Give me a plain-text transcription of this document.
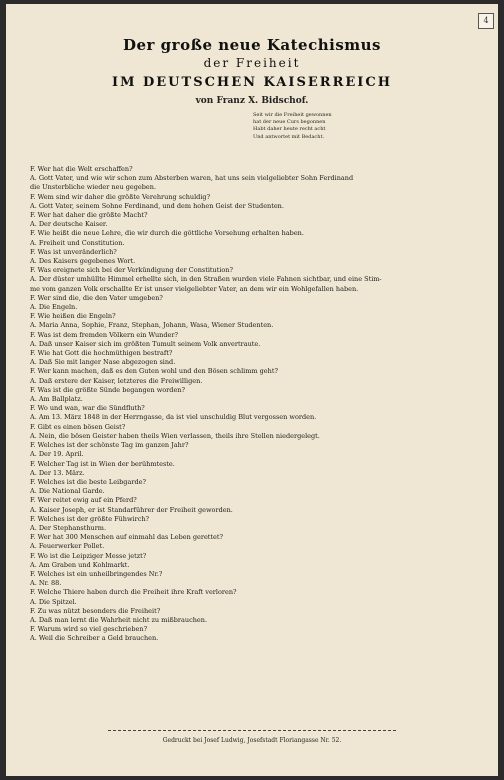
4
Der große neue Katechismus
der Freiheit
IM DEUTSCHEN KAISERREICH
von Franz X. Bidschof.
Seit wir die Freiheit gewonnen
hat der neue Curs begonnen
Habt daher heute recht acht
Und antwortet mit Bedacht.
F. Wer hat die Welt erschaffen?
A. Gott Vater, und wie wir schon zum Absterben waren, hat uns sein vielgeliebter Sohn Ferdinand
die Unsterbliche wieder neu gegeben.
F. Wem sind wir daher die größte Verehrung schuldig?
A. Gott Vater, seinem Sohne Ferdinand, und dem hohen Geist der Studenten.
F. Wer hat daher die größte Macht?
A. Der deutsche Kaiser.
F. Wie heißt die neue Lehre, die wir durch die göttliche Vorsehung erhalten haben.
A. Freiheit und Constitution.
F. Was ist unveränderlich?
A. Des Kaisers gegebenes Wort.
F. Was ereignete sich bei der Verkündigung der Constitution?
A. Der düster umhüllte Himmel erhellte sich, in den Straßen wurden viele Fahnen sichtbar, und eine Stim-
me vom ganzen Volk erschallte Er ist unser vielgeliebter Vater, an dem wir ein Wohlgefallen haben.
F. Wer sind die, die den Vater umgeben?
A. Die Engeln.
F. Wie heißen die Engeln?
A. Maria Anna, Sophie, Franz, Stephan, Johann, Wasa, Wiener Studenten.
F. Was ist dem fremden Völkern ein Wunder?
A. Daß unser Kaiser sich im größten Tumult seinem Volk anvertraute.
F. Wie hat Gott die hochmüthigen bestraft?
A. Daß Sie mit langer Nase abgezogen sind.
F. Wer kann machen, daß es den Guten wohl und den Bösen schlimm geht?
A. Daß erstere der Kaiser, letzteres die Freiwilligen.
F. Was ist die größte Sünde begangen worden?
A. Am Ballplatz.
F. Wo und wan, war die Sündfluth?
A. Am 13. März 1848 in der Herrngasse, da ist viel unschuldig Blut vergossen worden.
F. Gibt es einen bösen Geist?
A. Nein, die bösen Geister haben theils Wien verlassen, theils ihre Stellen niedergelegt.
F. Welches ist der schönste Tag im ganzen Jahr?
A. Der 19. April.
F. Welcher Tag ist in Wien der berühmteste.
A. Der 13. März.
F. Welches ist die beste Leibgarde?
A. Die National Garde.
F. Wer reitet ewig auf ein Pferd?
A. Kaiser Joseph, er ist Standarführer der Freiheit geworden.
F. Welches ist der größte Fühwirch?
A. Der Stephansthurm.
F. Wer hat 300 Menschen auf einmahl das Leben gerettet?
A. Feuerwerker Pollet.
F. Wo ist die Leipziger Messe jetzt?
A. Am Graben und Kohlmarkt.
F. Welches ist ein unheilbringendes Nr.?
A. Nr. 88.
F. Welche Thiere haben durch die Freiheit ihre Kraft verloren?
A. Die Spitzel.
F. Zu was nützt besonders die Freiheit?
A. Daß man lernt die Wahrheit nicht zu mißbrauchen.
F. Warum wird so viel geschrieben?
A. Weil die Schreiber a Geld brauchen.
Gedruckt bei Josef Ludwig, Josefstadt Floriangasse Nr. 52.
